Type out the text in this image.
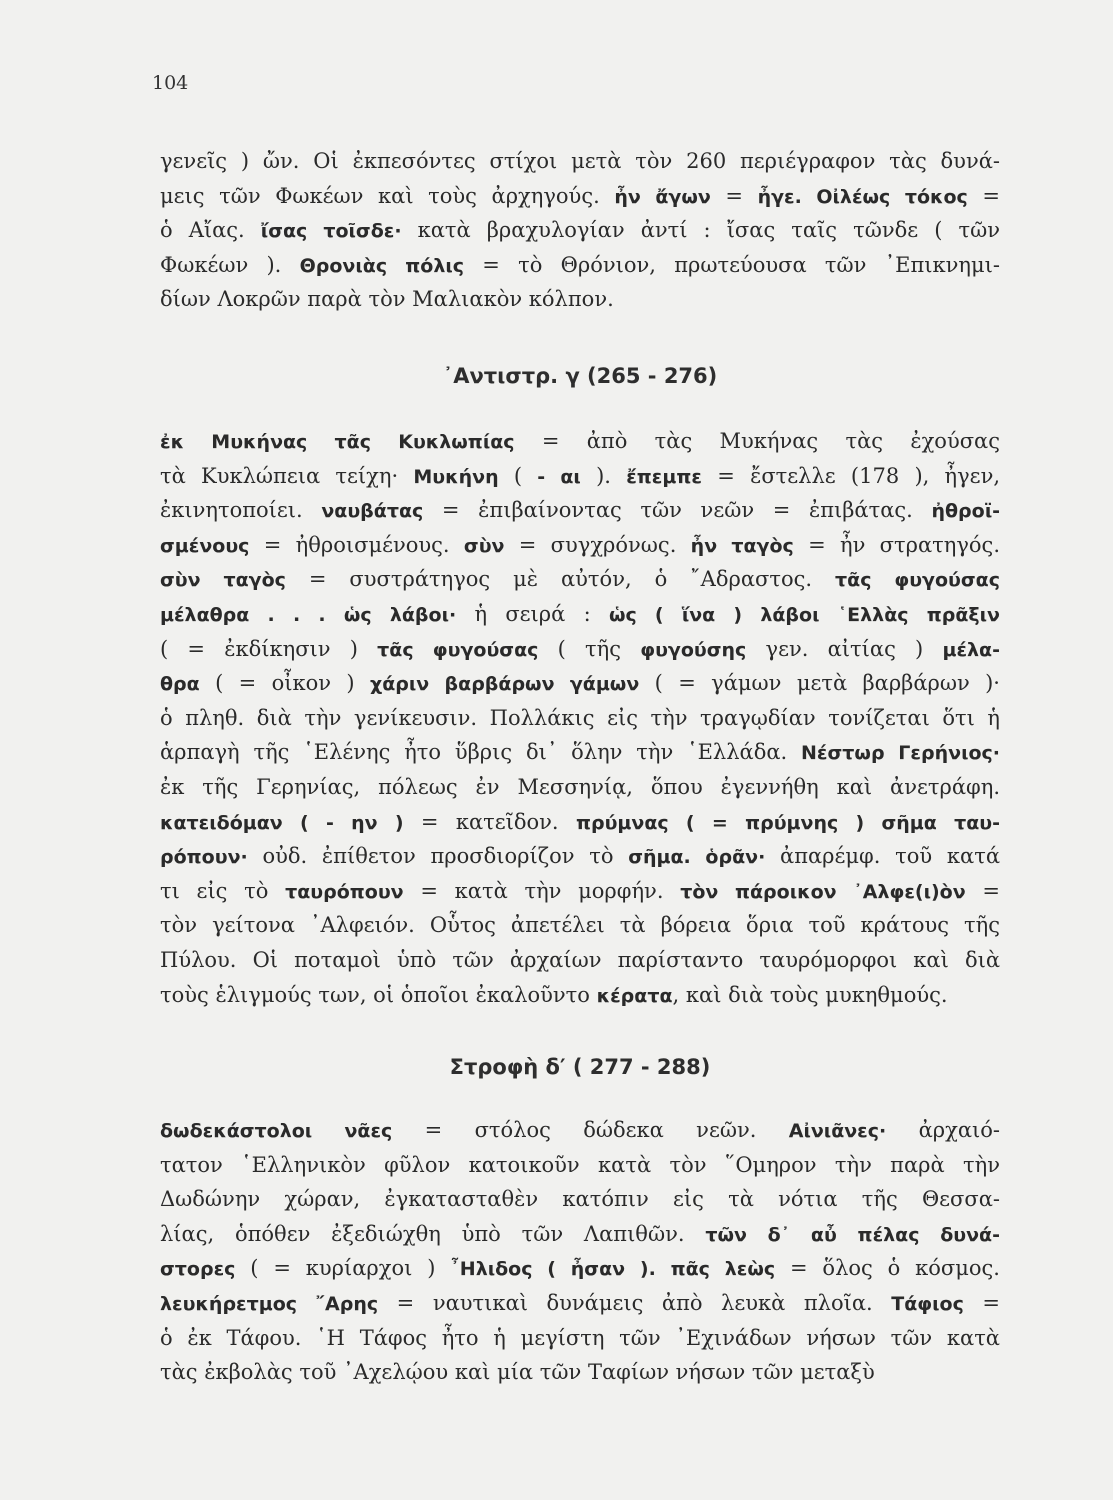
104
γενεῖς ) ὤν. Οἱ ἐκπεσόντες στίχοι μετὰ τὸν 260 περιέγραφον τὰς δυνά-
μεις τῶν Φωκέων καὶ τοὺς ἀρχηγούς. ἦν ἄγων = ἦγε. Οἰλέως τόκος =
ὁ Αἴας. ἴσας τοῖσδε· κατὰ βραχυλογίαν ἀντί : ἴσας ταῖς τῶνδε ( τῶν
Φωκέων ). Θρονιὰς πόλις = τὸ Θρόνιον, πρωτεύουσα τῶν ᾿Επικνημι-
δίων Λοκρῶν παρὰ τὸν Μαλιακὸν κόλπον.
᾿Αντιστρ. γ (265 - 276)
ἐκ Μυκήνας τᾶς Κυκλωπίας = ἀπὸ τὰς Μυκήνας τὰς ἐχούσας
τὰ Κυκλώπεια τείχη· Μυκήνη ( - αι ). ἔπεμπε = ἔστελλε (178 ), ἦγεν,
ἐκινητοποίει. ναυβάτας = ἐπιβαίνοντας τῶν νεῶν = ἐπιβάτας. ἠθροϊ-
σμένους = ἠθροισμένους. σὺν = συγχρόνως. ἦν ταγὸς = ἦν στρατηγός.
σὺν ταγὸς = συστράτηγος μὲ αὐτόν, ὁ ῎Αδραστος. τᾶς φυγούσας
μέλαθρα . . . ὡς λάβοι· ἡ σειρά : ὡς ( ἵνα ) λάβοι ῾Ελλὰς πρᾶξιν
( = ἐκδίκησιν ) τᾶς φυγούσας ( τῆς φυγούσης γεν. αἰτίας ) μέλα-
θρα ( = οἶκον ) χάριν βαρβάρων γάμων ( = γάμων μετὰ βαρβάρων )·
ὁ πληθ. διὰ τὴν γενίκευσιν. Πολλάκις εἰς τὴν τραγῳδίαν τονίζεται ὅτι ἡ
ἁρπαγὴ τῆς ῾Ελένης ἦτο ὕβρις δι᾿ ὅλην τὴν ῾Ελλάδα. Νέστωρ Γερήνιος·
ἐκ τῆς Γερηνίας, πόλεως ἐν Μεσσηνίᾳ, ὅπου ἐγεννήθη καὶ ἀνετράφη.
κατειδόμαν ( - ην ) = κατεῖδον. πρύμνας ( = πρύμνης ) σῆμα ταυ-
ρόπουν· οὐδ. ἐπίθετον προσδιορίζον τὸ σῆμα. ὁρᾶν· ἀπαρέμφ. τοῦ κατά
τι εἰς τὸ ταυρόπουν = κατὰ τὴν μορφήν. τὸν πάροικον ᾿Αλφε(ι)ὸν =
τὸν γείτονα ᾿Αλφειόν. Οὗτος ἀπετέλει τὰ βόρεια ὅρια τοῦ κράτους τῆς
Πύλου. Οἱ ποταμοὶ ὑπὸ τῶν ἀρχαίων παρίσταντο ταυρόμορφοι καὶ διὰ
τοὺς ἑλιγμούς των, οἱ ὁποῖοι ἐκαλοῦντο κέρατα, καὶ διὰ τοὺς μυκηθμούς.
Στροφὴ δ′ ( 277 - 288)
δωδεκάστολοι νᾶες = στόλος δώδεκα νεῶν. Αἰνιᾶνες· ἀρχαιό-
τατον ῾Ελληνικὸν φῦλον κατοικοῦν κατὰ τὸν ῞Ομηρον τὴν παρὰ τὴν
Δωδώνην χώραν, ἐγκατασταθὲν κατόπιν εἰς τὰ νότια τῆς Θεσσα-
λίας, ὁπόθεν ἐξεδιώχθη ὑπὸ τῶν Λαπιθῶν. τῶν δ᾿ αὖ πέλας δυνά-
στορες ( = κυρίαρχοι ) ῏Ηλιδος ( ἦσαν ). πᾶς λεὼς = ὅλος ὁ κόσμος.
λευκήρετμος ῎Αρης = ναυτικαὶ δυνάμεις ἀπὸ λευκὰ πλοῖα. Τάφιος =
ὁ ἐκ Τάφου. ῾Η Τάφος ἦτο ἡ μεγίστη τῶν ᾿Εχινάδων νήσων τῶν κατὰ
τὰς ἐκβολὰς τοῦ ᾿Αχελῴου καὶ μία τῶν Ταφίων νήσων τῶν μεταξὺ
